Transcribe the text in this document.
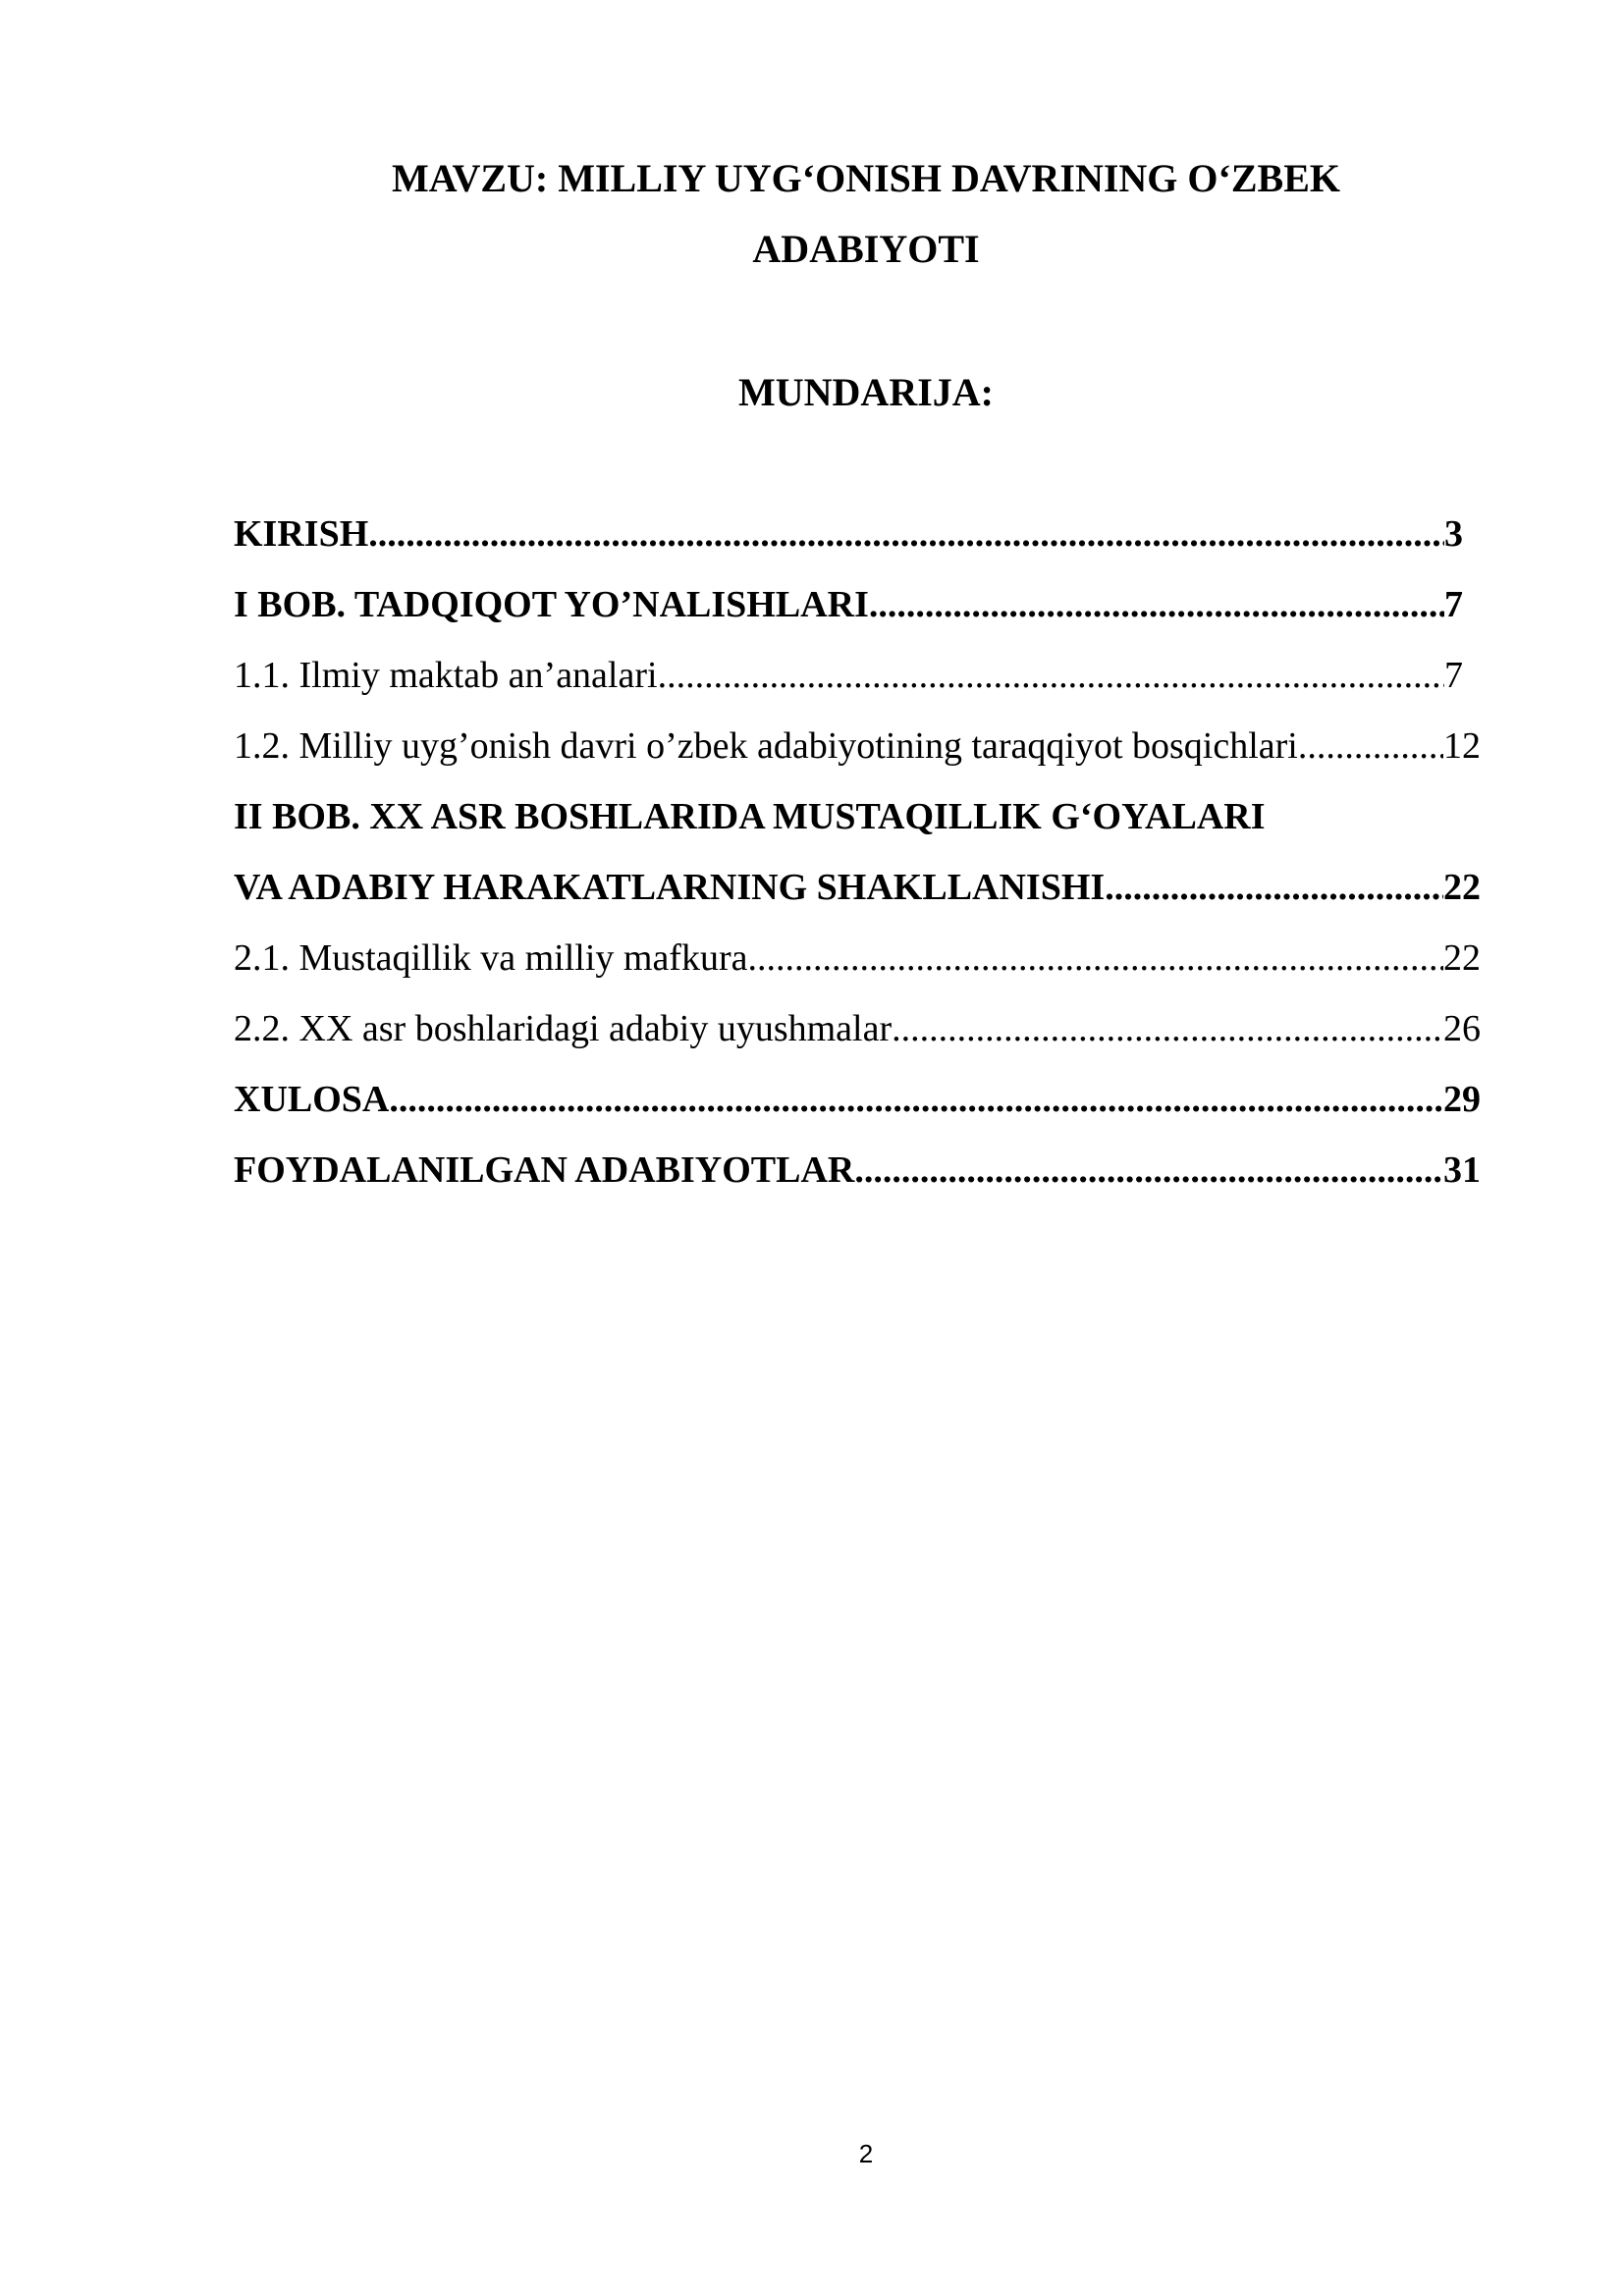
MAVZU: MILLIY UYG‘ONISH DAVRINING O‘ZBEK
ADABIYOTI
MUNDARIJA:
KIRISH .....	3
I BOB. TADQIQOT YO’NALISHLARI. .....	7
1.1. Ilmiy maktab an’analari. .....	7
1.2. Milliy uyg’onish davri o’zbek adabiyotining taraqqiyot bosqichlari .....	12
II BOB. XX ASR BOSHLARIDA MUSTAQILLIK G‘OYALARI
VA ADABIY HARAKATLARNING SHAKLLANISHI .....	22
2.1. Mustaqillik va milliy mafkura. .....	22
2.2. XX asr boshlaridagi adabiy uyushmalar .....	26
XULOSA .....	29
FOYDALANILGAN ADABIYOTLAR .....	31
2
